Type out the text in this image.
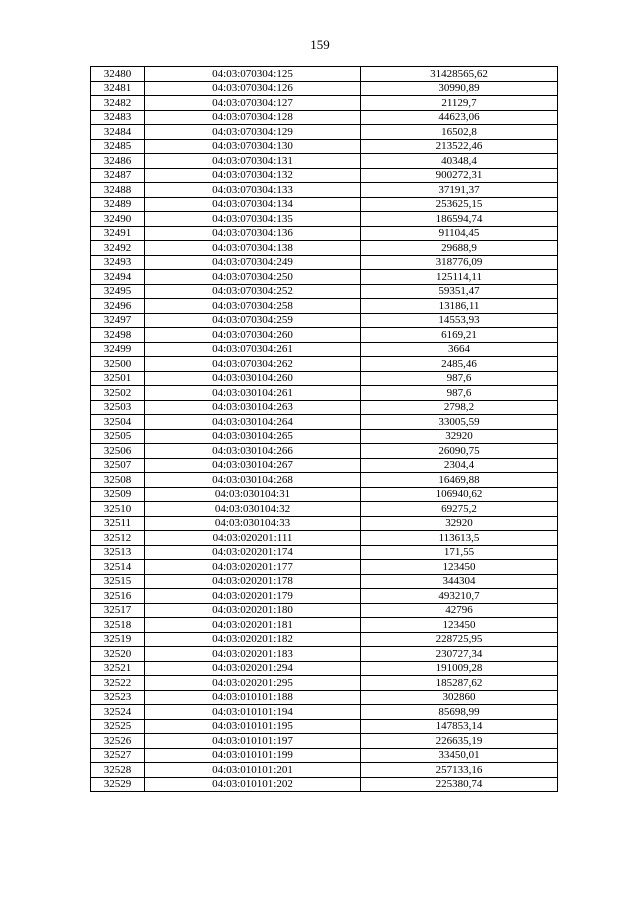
159
32480	04:03:070304:125	31428565,62
32481	04:03:070304:126	30990,89
32482	04:03:070304:127	21129,7
32483	04:03:070304:128	44623,06
32484	04:03:070304:129	16502,8
32485	04:03:070304:130	213522,46
32486	04:03:070304:131	40348,4
32487	04:03:070304:132	900272,31
32488	04:03:070304:133	37191,37
32489	04:03:070304:134	253625,15
32490	04:03:070304:135	186594,74
32491	04:03:070304:136	91104,45
32492	04:03:070304:138	29688,9
32493	04:03:070304:249	318776,09
32494	04:03:070304:250	125114,11
32495	04:03:070304:252	59351,47
32496	04:03:070304:258	13186,11
32497	04:03:070304:259	14553,93
32498	04:03:070304:260	6169,21
32499	04:03:070304:261	3664
32500	04:03:070304:262	2485,46
32501	04:03:030104:260	987,6
32502	04:03:030104:261	987,6
32503	04:03:030104:263	2798,2
32504	04:03:030104:264	33005,59
32505	04:03:030104:265	32920
32506	04:03:030104:266	26090,75
32507	04:03:030104:267	2304,4
32508	04:03:030104:268	16469,88
32509	04:03:030104:31	106940,62
32510	04:03:030104:32	69275,2
32511	04:03:030104:33	32920
32512	04:03:020201:111	113613,5
32513	04:03:020201:174	171,55
32514	04:03:020201:177	123450
32515	04:03:020201:178	344304
32516	04:03:020201:179	493210,7
32517	04:03:020201:180	42796
32518	04:03:020201:181	123450
32519	04:03:020201:182	228725,95
32520	04:03:020201:183	230727,34
32521	04:03:020201:294	191009,28
32522	04:03:020201:295	185287,62
32523	04:03:010101:188	302860
32524	04:03:010101:194	85698,99
32525	04:03:010101:195	147853,14
32526	04:03:010101:197	226635,19
32527	04:03:010101:199	33450,01
32528	04:03:010101:201	257133,16
32529	04:03:010101:202	225380,74
